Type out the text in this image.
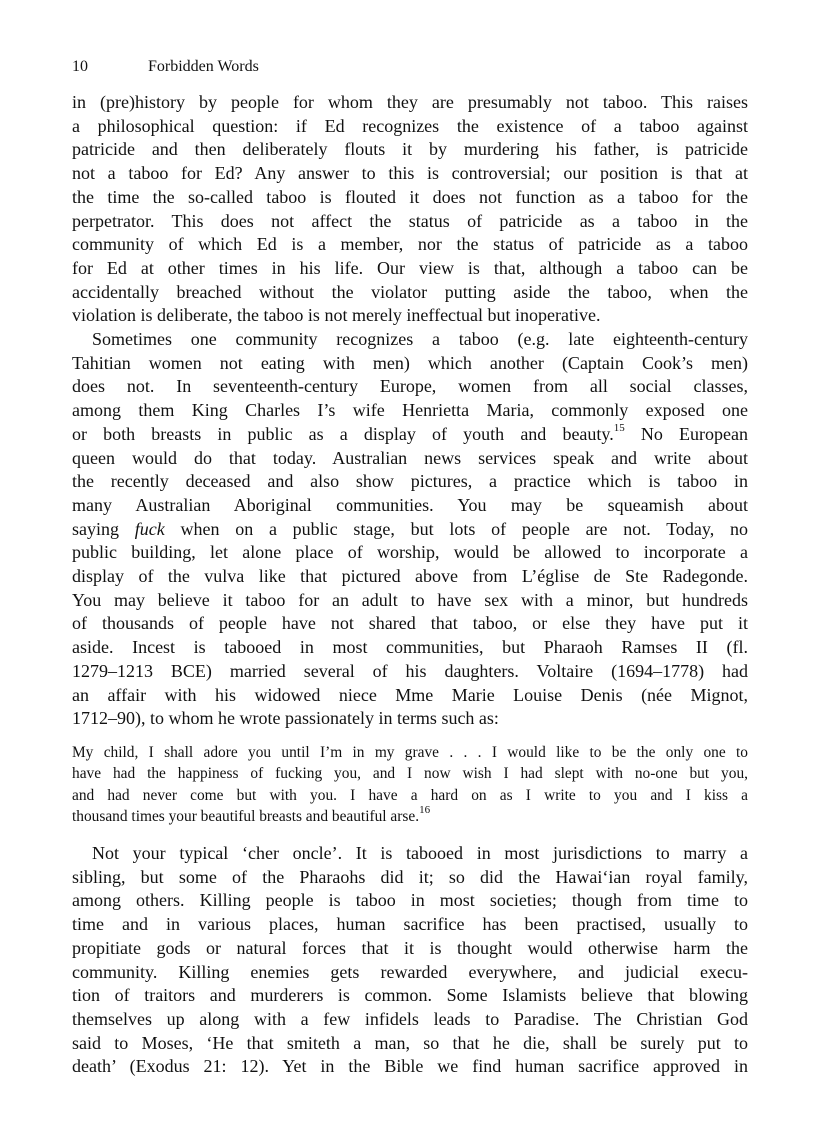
10	Forbidden Words
in (pre)history by people for whom they are presumably not taboo. This raises
a philosophical question: if Ed recognizes the existence of a taboo against
patricide and then deliberately flouts it by murdering his father, is patricide
not a taboo for Ed? Any answer to this is controversial; our position is that at
the time the so-called taboo is flouted it does not function as a taboo for the
perpetrator. This does not affect the status of patricide as a taboo in the
community of which Ed is a member, nor the status of patricide as a taboo
for Ed at other times in his life. Our view is that, although a taboo can be
accidentally breached without the violator putting aside the taboo, when the
violation is deliberate, the taboo is not merely ineffectual but inoperative.
Sometimes one community recognizes a taboo (e.g. late eighteenth-century
Tahitian women not eating with men) which another (Captain Cook’s men)
does not. In seventeenth-century Europe, women from all social classes,
among them King Charles I’s wife Henrietta Maria, commonly exposed one
or both breasts in public as a display of youth and beauty.$^{15}$ No European
queen would do that today. Australian news services speak and write about
the recently deceased and also show pictures, a practice which is taboo in
many Australian Aboriginal communities. You may be squeamish about
saying fuck when on a public stage, but lots of people are not. Today, no
public building, let alone place of worship, would be allowed to incorporate a
display of the vulva like that pictured above from L’église de Ste Radegonde.
You may believe it taboo for an adult to have sex with a minor, but hundreds
of thousands of people have not shared that taboo, or else they have put it
aside. Incest is tabooed in most communities, but Pharaoh Ramses II (fl.
1279–1213 BCE) married several of his daughters. Voltaire (1694–1778) had
an affair with his widowed niece Mme Marie Louise Denis (née Mignot,
1712–90), to whom he wrote passionately in terms such as:
My child, I shall adore you until I’m in my grave . . . I would like to be the only one to
have had the happiness of fucking you, and I now wish I had slept with no-one but you,
and had never come but with you. I have a hard on as I write to you and I kiss a
thousand times your beautiful breasts and beautiful arse.$^{16}$
Not your typical ‘cher oncle’. It is tabooed in most jurisdictions to marry a
sibling, but some of the Pharaohs did it; so did the Hawai‘ian royal family,
among others. Killing people is taboo in most societies; though from time to
time and in various places, human sacrifice has been practised, usually to
propitiate gods or natural forces that it is thought would otherwise harm the
community. Killing enemies gets rewarded everywhere, and judicial execu-
tion of traitors and murderers is common. Some Islamists believe that blowing
themselves up along with a few infidels leads to Paradise. The Christian God
said to Moses, ‘He that smiteth a man, so that he die, shall be surely put to
death’ (Exodus 21: 12). Yet in the Bible we find human sacrifice approved in
